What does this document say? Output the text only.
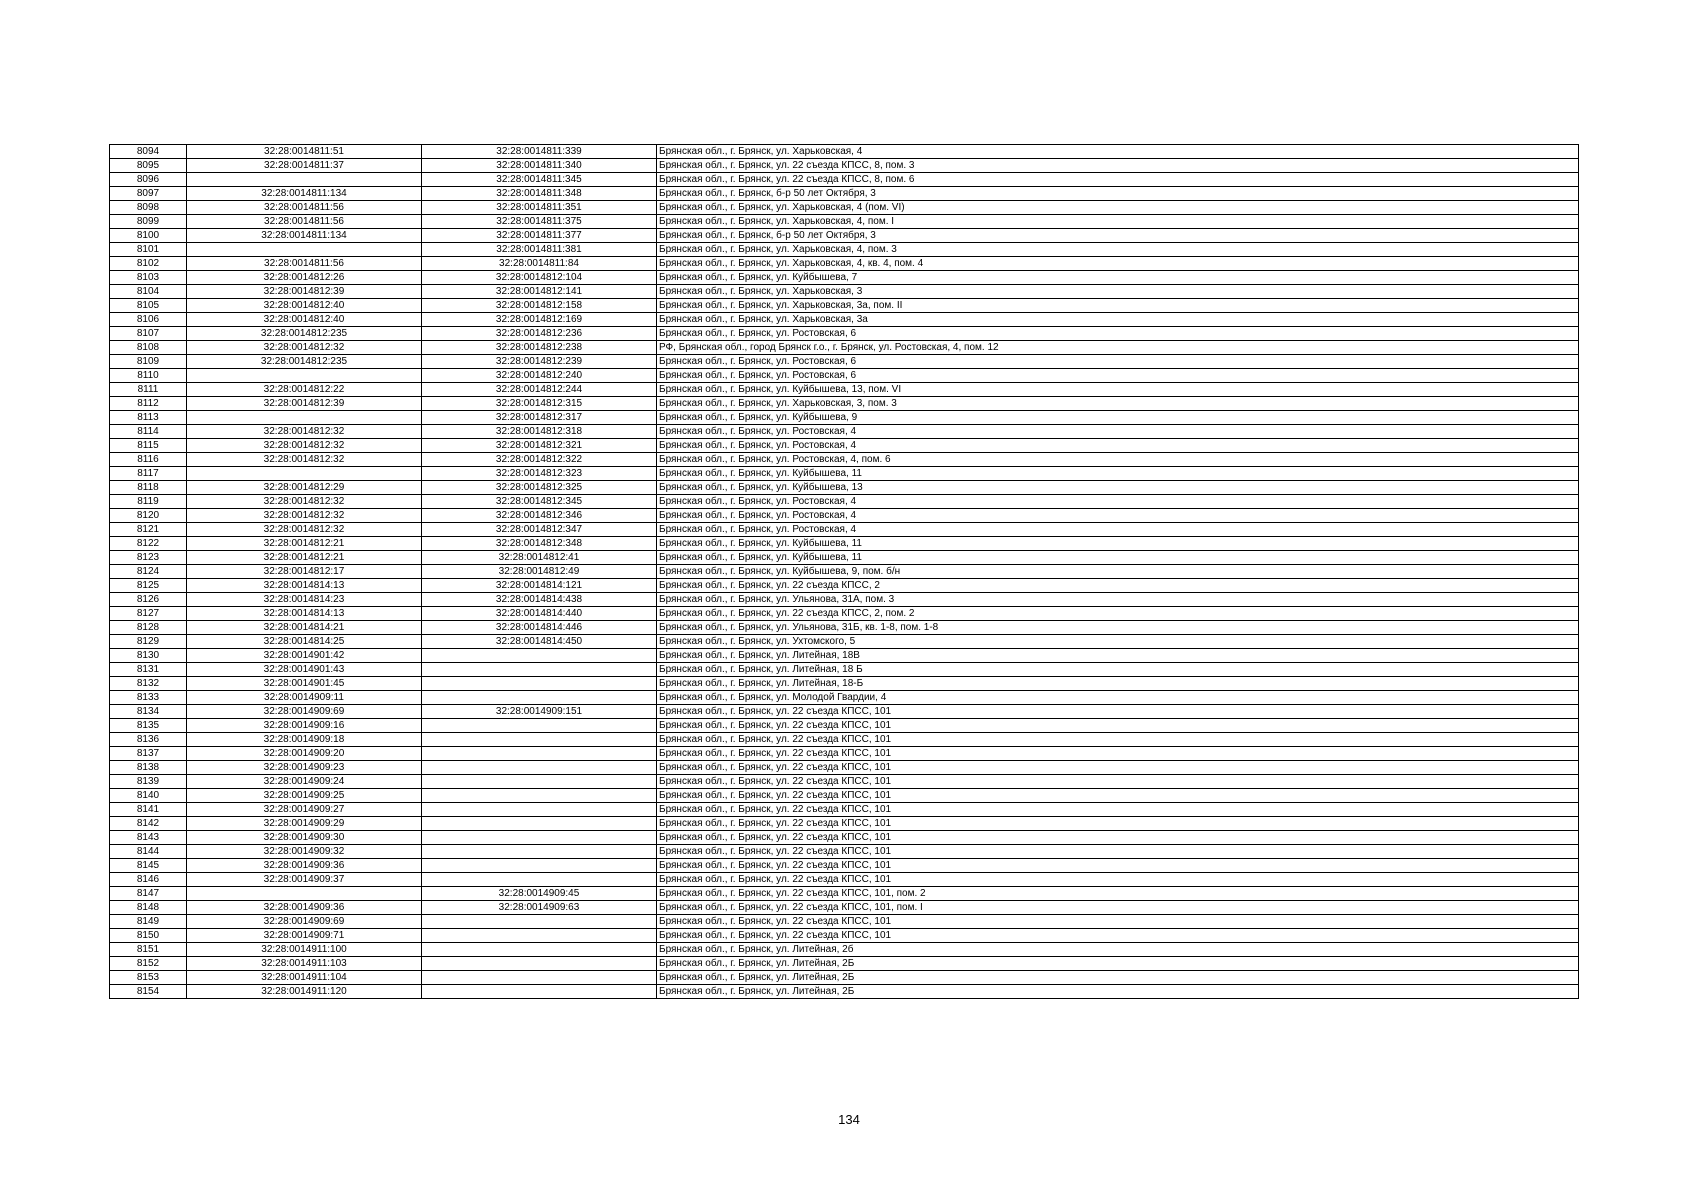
8094	32:28:0014811:51	32:28:0014811:339	Брянская обл., г. Брянск, ул. Харьковская, 4
8095	32:28:0014811:37	32:28:0014811:340	Брянская обл., г. Брянск, ул. 22 съезда КПСС, 8, пом. 3
8096		32:28:0014811:345	Брянская обл., г. Брянск, ул. 22 съезда КПСС, 8, пом. 6
8097	32:28:0014811:134	32:28:0014811:348	Брянская обл., г. Брянск, б-р 50 лет Октября, 3
8098	32:28:0014811:56	32:28:0014811:351	Брянская обл., г. Брянск, ул. Харьковская, 4 (пом. VI)
8099	32:28:0014811:56	32:28:0014811:375	Брянская обл., г. Брянск, ул. Харьковская, 4, пом. I
8100	32:28:0014811:134	32:28:0014811:377	Брянская обл., г. Брянск, б-р 50 лет Октября, 3
8101		32:28:0014811:381	Брянская обл., г. Брянск, ул. Харьковская, 4, пом. 3
8102	32:28:0014811:56	32:28:0014811:84	Брянская обл., г. Брянск, ул. Харьковская, 4, кв. 4, пом. 4
8103	32:28:0014812:26	32:28:0014812:104	Брянская обл., г. Брянск, ул. Куйбышева, 7
8104	32:28:0014812:39	32:28:0014812:141	Брянская обл., г. Брянск, ул. Харьковская, 3
8105	32:28:0014812:40	32:28:0014812:158	Брянская обл., г. Брянск, ул. Харьковская, 3а, пом. II
8106	32:28:0014812:40	32:28:0014812:169	Брянская обл., г. Брянск, ул. Харьковская, 3а
8107	32:28:0014812:235	32:28:0014812:236	Брянская обл., г. Брянск, ул. Ростовская, 6
8108	32:28:0014812:32	32:28:0014812:238	РФ, Брянская обл., город Брянск г.о., г. Брянск, ул. Ростовская, 4, пом. 12
8109	32:28:0014812:235	32:28:0014812:239	Брянская обл., г. Брянск, ул. Ростовская, 6
8110		32:28:0014812:240	Брянская обл., г. Брянск, ул. Ростовская, 6
8111	32:28:0014812:22	32:28:0014812:244	Брянская обл., г. Брянск, ул. Куйбышева, 13, пом. VI
8112	32:28:0014812:39	32:28:0014812:315	Брянская обл., г. Брянск, ул. Харьковская, 3, пом. 3
8113		32:28:0014812:317	Брянская обл., г. Брянск, ул. Куйбышева, 9
8114	32:28:0014812:32	32:28:0014812:318	Брянская обл., г. Брянск, ул. Ростовская, 4
8115	32:28:0014812:32	32:28:0014812:321	Брянская обл., г. Брянск, ул. Ростовская, 4
8116	32:28:0014812:32	32:28:0014812:322	Брянская обл., г. Брянск, ул. Ростовская, 4, пом. 6
8117		32:28:0014812:323	Брянская обл., г. Брянск, ул. Куйбышева, 11
8118	32:28:0014812:29	32:28:0014812:325	Брянская обл., г. Брянск, ул. Куйбышева, 13
8119	32:28:0014812:32	32:28:0014812:345	Брянская обл., г. Брянск, ул. Ростовская, 4
8120	32:28:0014812:32	32:28:0014812:346	Брянская обл., г. Брянск, ул. Ростовская, 4
8121	32:28:0014812:32	32:28:0014812:347	Брянская обл., г. Брянск, ул. Ростовская, 4
8122	32:28:0014812:21	32:28:0014812:348	Брянская обл., г. Брянск, ул. Куйбышева, 11
8123	32:28:0014812:21	32:28:0014812:41	Брянская обл., г. Брянск, ул. Куйбышева, 11
8124	32:28:0014812:17	32:28:0014812:49	Брянская обл., г. Брянск, ул. Куйбышева, 9, пом. б/н
8125	32:28:0014814:13	32:28:0014814:121	Брянская обл., г. Брянск, ул. 22 съезда КПСС, 2
8126	32:28:0014814:23	32:28:0014814:438	Брянская обл., г. Брянск, ул. Ульянова, 31А, пом. 3
8127	32:28:0014814:13	32:28:0014814:440	Брянская обл., г. Брянск, ул. 22 съезда КПСС, 2, пом. 2
8128	32:28:0014814:21	32:28:0014814:446	Брянская обл., г. Брянск, ул. Ульянова, 31Б, кв. 1-8, пом. 1-8
8129	32:28:0014814:25	32:28:0014814:450	Брянская обл., г. Брянск, ул. Ухтомского, 5
8130	32:28:0014901:42		Брянская обл., г. Брянск, ул. Литейная, 18В
8131	32:28:0014901:43		Брянская обл., г. Брянск, ул. Литейная, 18 Б
8132	32:28:0014901:45		Брянская обл., г. Брянск, ул. Литейная, 18-Б
8133	32:28:0014909:11		Брянская обл., г. Брянск, ул. Молодой Гвардии, 4
8134	32:28:0014909:69	32:28:0014909:151	Брянская обл., г. Брянск, ул. 22 съезда КПСС, 101
8135	32:28:0014909:16		Брянская обл., г. Брянск, ул. 22 съезда КПСС, 101
8136	32:28:0014909:18		Брянская обл., г. Брянск, ул. 22 съезда КПСС, 101
8137	32:28:0014909:20		Брянская обл., г. Брянск, ул. 22 съезда КПСС, 101
8138	32:28:0014909:23		Брянская обл., г. Брянск, ул. 22 съезда КПСС, 101
8139	32:28:0014909:24		Брянская обл., г. Брянск, ул. 22 съезда КПСС, 101
8140	32:28:0014909:25		Брянская обл., г. Брянск, ул. 22 съезда КПСС, 101
8141	32:28:0014909:27		Брянская обл., г. Брянск, ул. 22 съезда КПСС, 101
8142	32:28:0014909:29		Брянская обл., г. Брянск, ул. 22 съезда КПСС, 101
8143	32:28:0014909:30		Брянская обл., г. Брянск, ул. 22 съезда КПСС, 101
8144	32:28:0014909:32		Брянская обл., г. Брянск, ул. 22 съезда КПСС, 101
8145	32:28:0014909:36		Брянская обл., г. Брянск, ул. 22 съезда КПСС, 101
8146	32:28:0014909:37		Брянская обл., г. Брянск, ул. 22 съезда КПСС, 101
8147		32:28:0014909:45	Брянская обл., г. Брянск, ул. 22 съезда КПСС, 101, пом. 2
8148	32:28:0014909:36	32:28:0014909:63	Брянская обл., г. Брянск, ул. 22 съезда КПСС, 101, пом. I
8149	32:28:0014909:69		Брянская обл., г. Брянск, ул. 22 съезда КПСС, 101
8150	32:28:0014909:71		Брянская обл., г. Брянск, ул. 22 съезда КПСС, 101
8151	32:28:0014911:100		Брянская обл., г. Брянск, ул. Литейная, 2б
8152	32:28:0014911:103		Брянская обл., г. Брянск, ул. Литейная, 2Б
8153	32:28:0014911:104		Брянская обл., г. Брянск, ул. Литейная, 2Б
8154	32:28:0014911:120		Брянская обл., г. Брянск, ул. Литейная, 2Б
134
